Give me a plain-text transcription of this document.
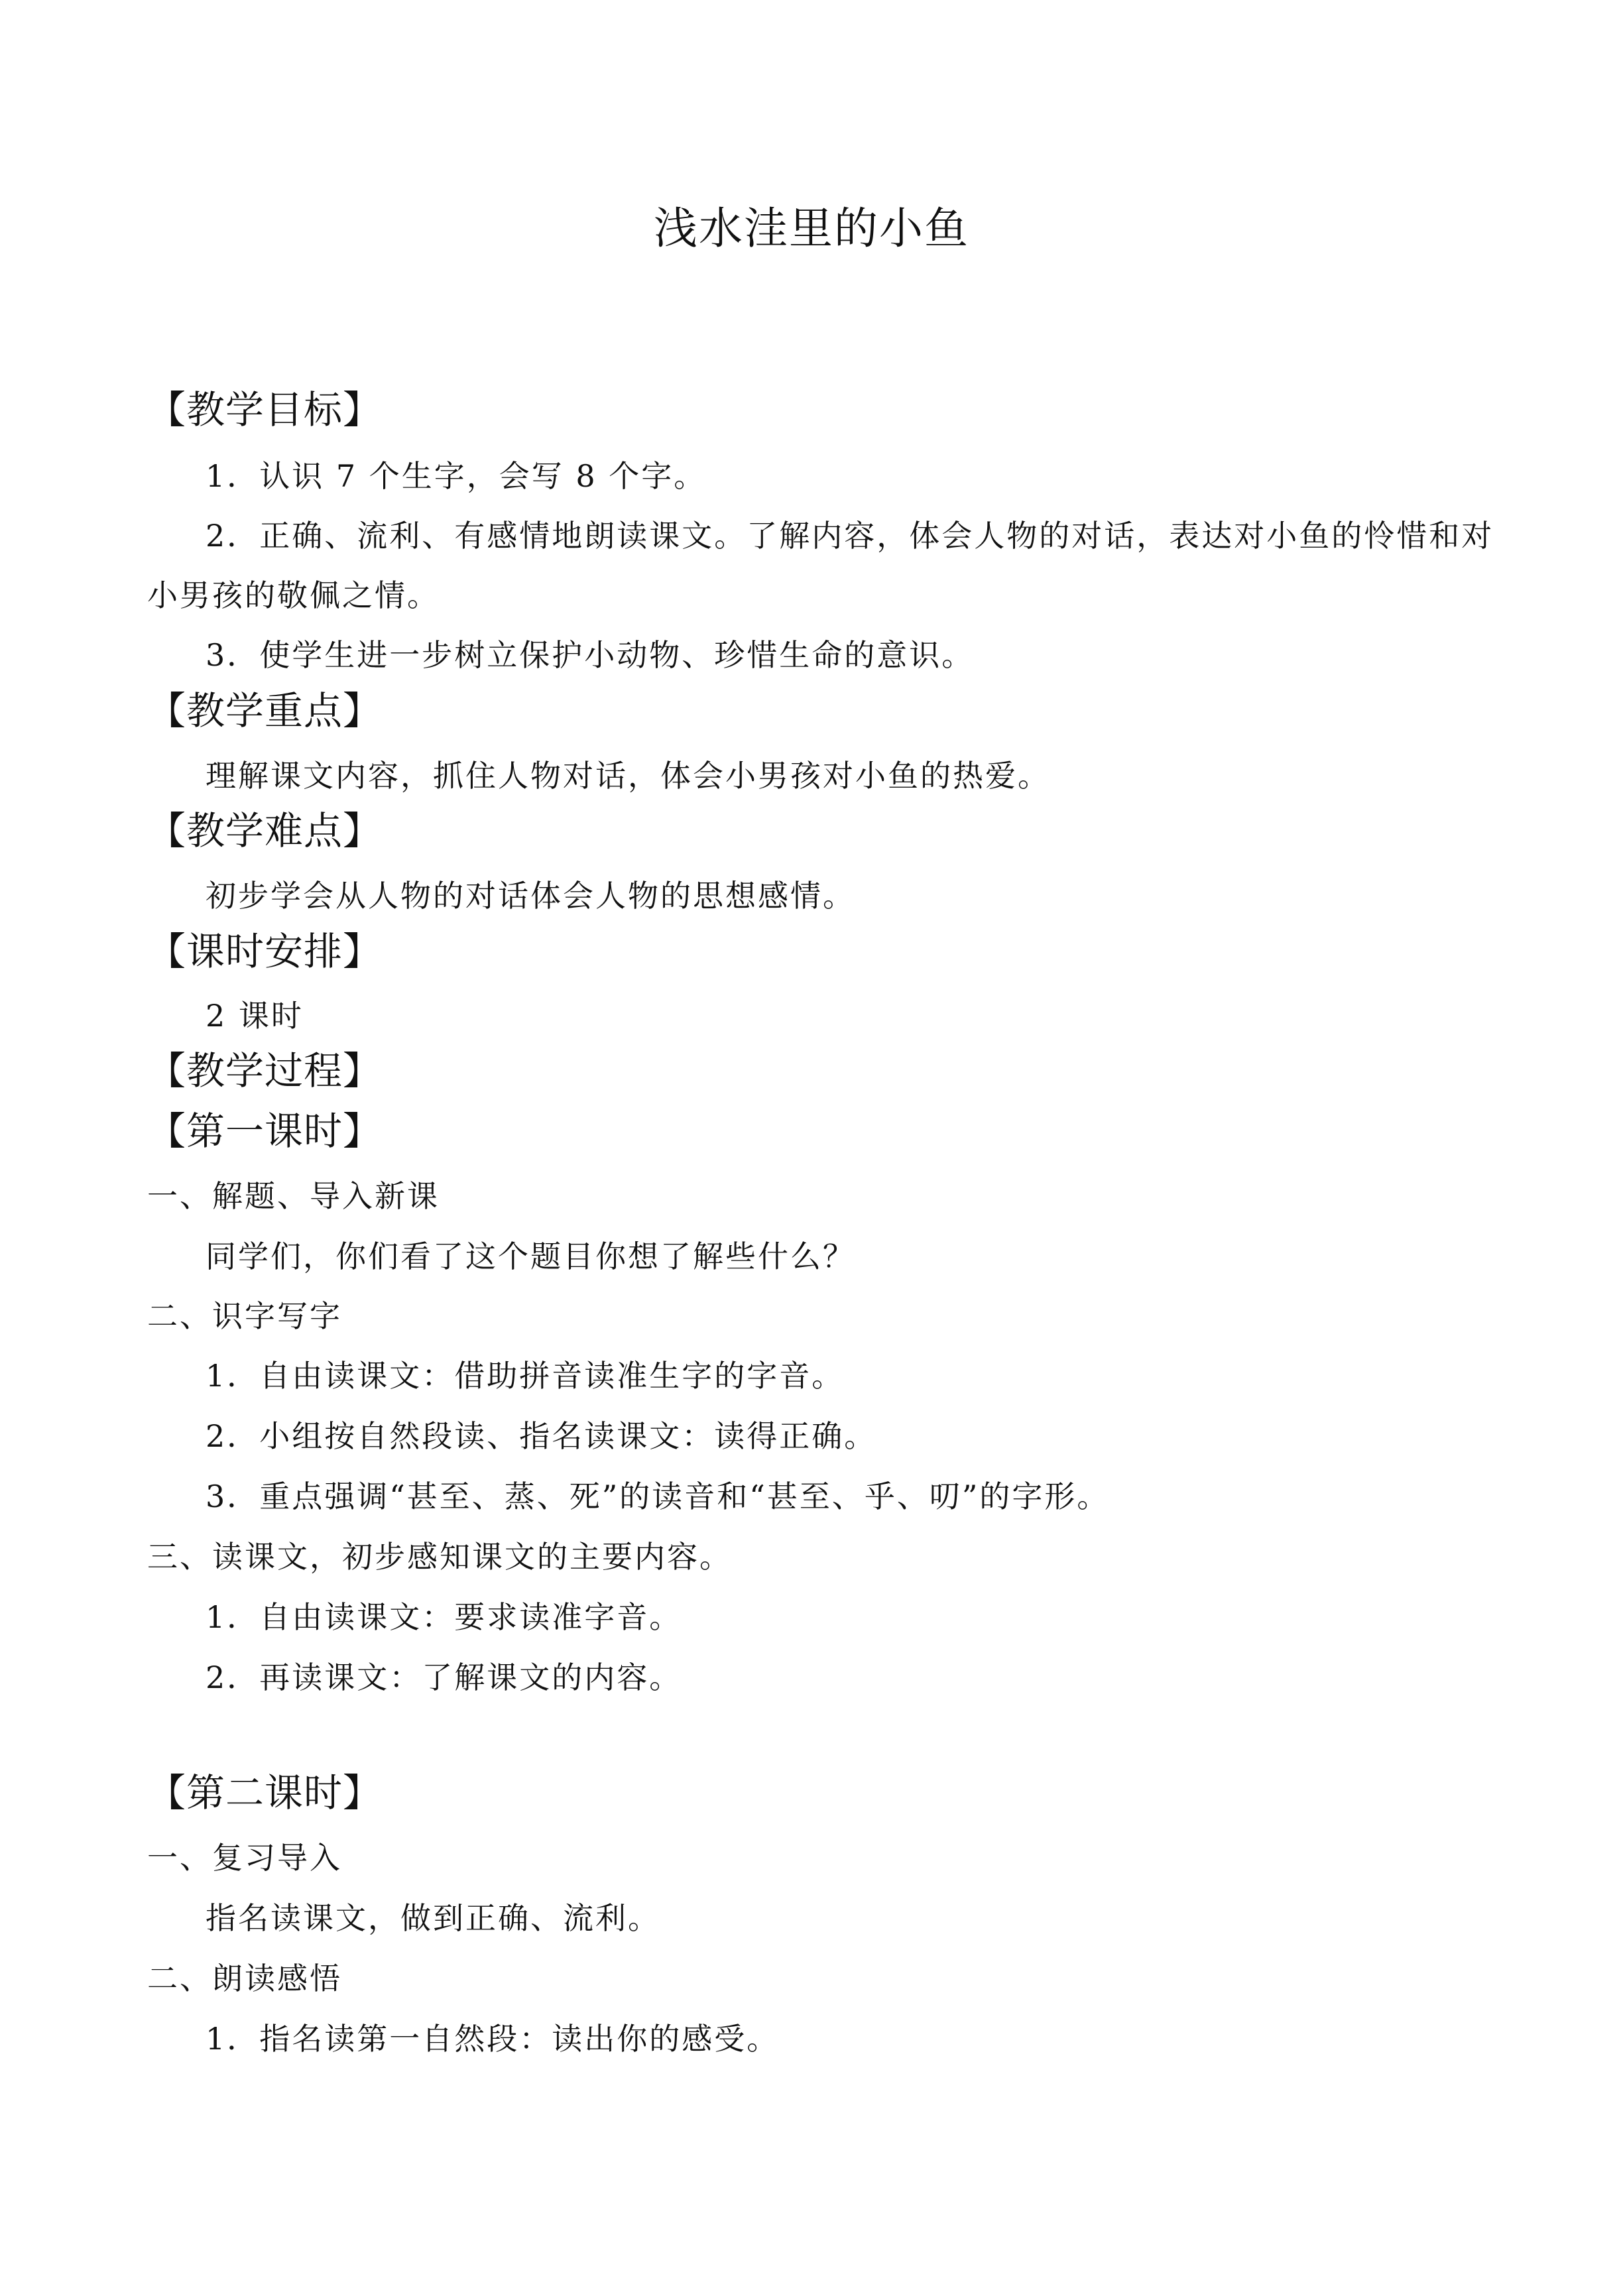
浅水洼里的小鱼
【教学目标】
1．认识 7 个生字，会写 8 个字。
2．正确、流利、有感情地朗读课文。了解内容，体会人物的对话，表达对小鱼的怜惜和对
小男孩的敬佩之情。
3．使学生进一步树立保护小动物、珍惜生命的意识。
【教学重点】
理解课文内容，抓住人物对话，体会小男孩对小鱼的热爱。
【教学难点】
初步学会从人物的对话体会人物的思想感情。
【课时安排】
2 课时
【教学过程】
【第一课时】
一、解题、导入新课
同学们，你们看了这个题目你想了解些什么？
二、识字写字
1．自由读课文：借助拼音读准生字的字音。
2．小组按自然段读、指名读课文：读得正确。
3．重点强调“甚至、蒸、死”的读音和“甚至、乎、叨”的字形。
三、读课文，初步感知课文的主要内容。
1．自由读课文：要求读准字音。
2．再读课文：了解课文的内容。
【第二课时】
一、复习导入
指名读课文，做到正确、流利。
二、朗读感悟
1．指名读第一自然段：读出你的感受。
